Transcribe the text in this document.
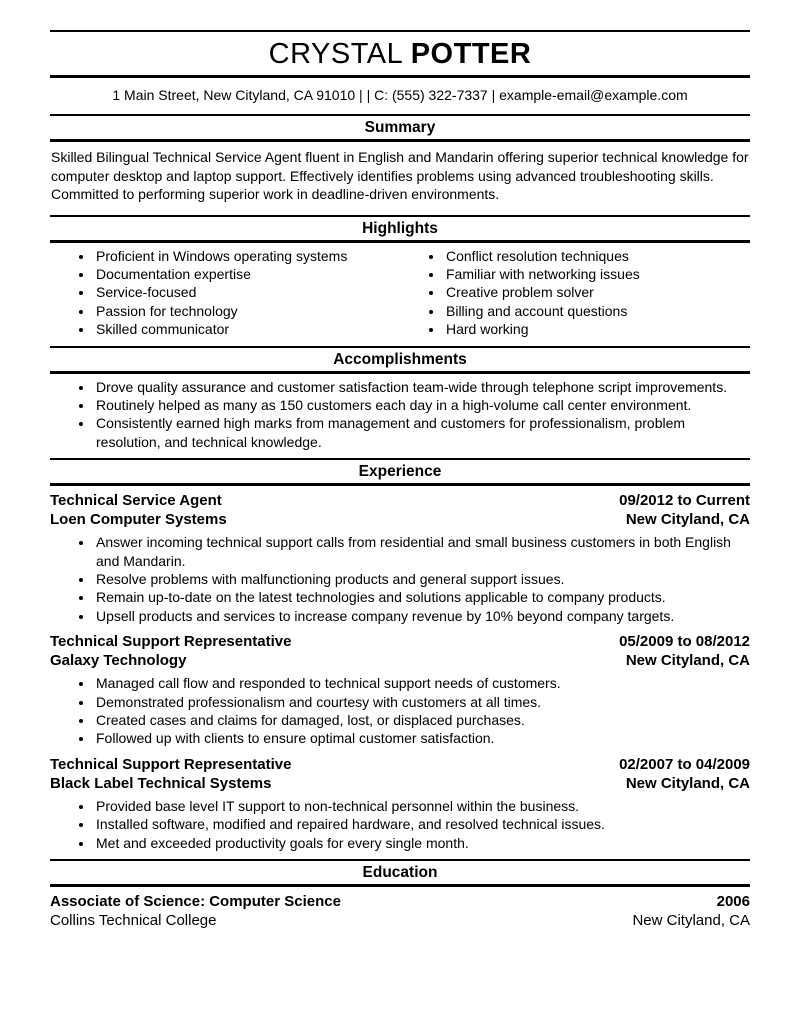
CRYSTAL POTTER
1 Main Street, New Cityland, CA 91010 | | C: (555) 322-7337 | example-email@example.com
Summary
Skilled Bilingual Technical Service Agent fluent in English and Mandarin offering superior technical knowledge for computer desktop and laptop support. Effectively identifies problems using advanced troubleshooting skills. Committed to performing superior work in deadline-driven environments.
Highlights
• Proficient in Windows operating systems
• Documentation expertise
• Service-focused
• Passion for technology
• Skilled communicator
• Conflict resolution techniques
• Familiar with networking issues
• Creative problem solver
• Billing and account questions
• Hard working
Accomplishments
• Drove quality assurance and customer satisfaction team-wide through telephone script improvements.
• Routinely helped as many as 150 customers each day in a high-volume call center environment.
• Consistently earned high marks from management and customers for professionalism, problem resolution, and technical knowledge.
Experience
Technical Service Agent	09/2012 to Current
Loen Computer Systems	New Cityland, CA
• Answer incoming technical support calls from residential and small business customers in both English and Mandarin.
• Resolve problems with malfunctioning products and general support issues.
• Remain up-to-date on the latest technologies and solutions applicable to company products.
• Upsell products and services to increase company revenue by 10% beyond company targets.
Technical Support Representative	05/2009 to 08/2012
Galaxy Technology	New Cityland, CA
• Managed call flow and responded to technical support needs of customers.
• Demonstrated professionalism and courtesy with customers at all times.
• Created cases and claims for damaged, lost, or displaced purchases.
• Followed up with clients to ensure optimal customer satisfaction.
Technical Support Representative	02/2007 to 04/2009
Black Label Technical Systems	New Cityland, CA
• Provided base level IT support to non-technical personnel within the business.
• Installed software, modified and repaired hardware, and resolved technical issues.
• Met and exceeded productivity goals for every single month.
Education
Associate of Science: Computer Science	2006
Collins Technical College	New Cityland, CA
